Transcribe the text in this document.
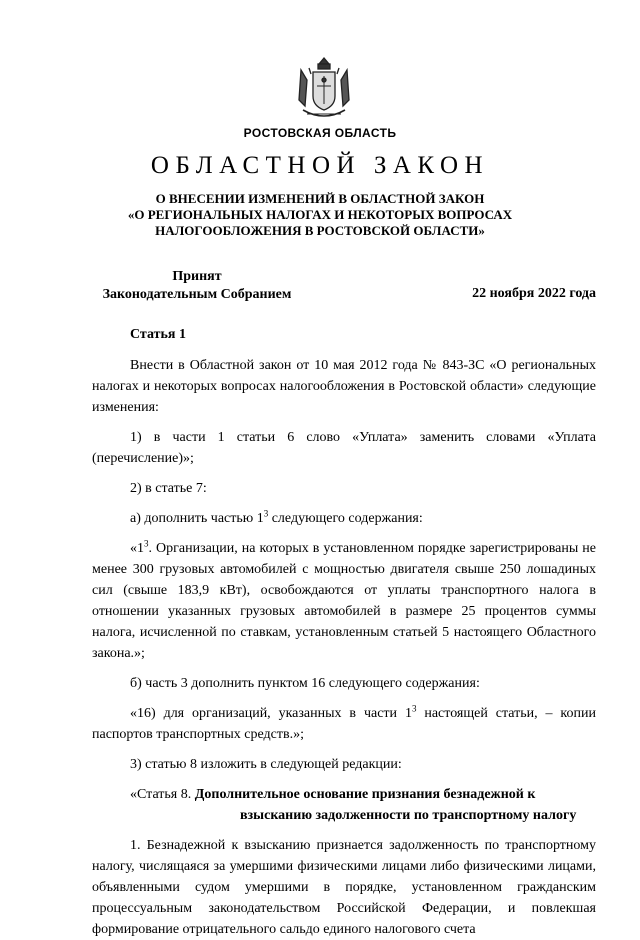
РОСТОВСКАЯ ОБЛАСТЬ
ОБЛАСТНОЙ ЗАКОН
О ВНЕСЕНИИ ИЗМЕНЕНИЙ В ОБЛАСТНОЙ ЗАКОН
«О РЕГИОНАЛЬНЫХ НАЛОГАХ И НЕКОТОРЫХ ВОПРОСАХ
НАЛОГООБЛОЖЕНИЯ В РОСТОВСКОЙ ОБЛАСТИ»
Принят
Законодательным Собранием	22 ноября 2022 года

Статья 1

Внести в Областной закон от 10 мая 2012 года № 843-ЗС «О региональных налогах и некоторых вопросах налогообложения в Ростовской области» следующие изменения:

1) в части 1 статьи 6 слово «Уплата» заменить словами «Уплата (перечисление)»;

2) в статье 7:

а) дополнить частью $1^3$ следующего содержания:

«$1^3$. Организации, на которых в установленном порядке зарегистрированы не менее 300 грузовых автомобилей с мощностью двигателя свыше 250 лошадиных сил (свыше 183,9 кВт), освобождаются от уплаты транспортного налога в отношении указанных грузовых автомобилей в размере 25 процентов суммы налога, исчисленной по ставкам, установленным статьей 5 настоящего Областного закона.»;

б) часть 3 дополнить пунктом 16 следующего содержания:

«16) для организаций, указанных в части $1^3$ настоящей статьи, – копии паспортов транспортных средств.»;

3) статью 8 изложить в следующей редакции:

«Статья 8. Дополнительное основание признания безнадежной к

взысканию задолженности по транспортному налогу

1. Безнадежной к взысканию признается задолженность по транспортному налогу, числящаяся за умершими физическими лицами либо физическими лицами, объявленными судом умершими в порядке, установленном гражданским процессуальным законодательством Российской Федерации, и повлекшая формирование отрицательного сальдо единого налогового счета
